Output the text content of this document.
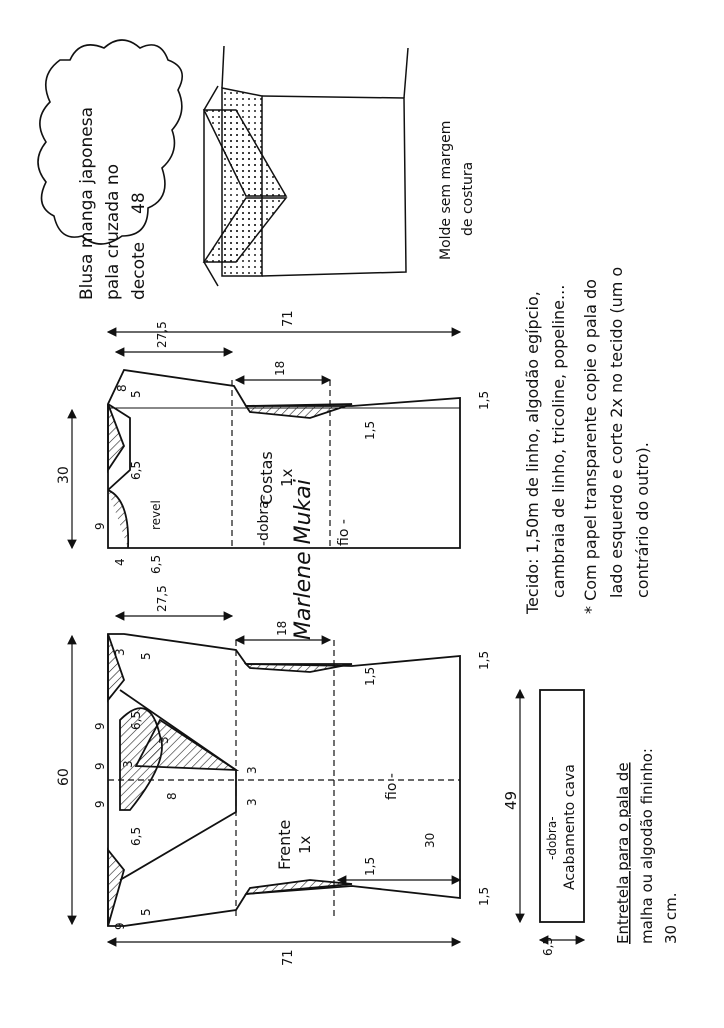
Blusa manga japonesa pala cruzada no decote
48	Molde sem margem de costura
Costas 1x
-dobra-	fio -
revel
71
30
27,5
18
5
8
9
6,5
6,5
4
1,5
1,5
Marlene Mukai
Frente 1x
fio -
71
60
27,5
18
3
5
5
9
9
9
9
6,5
6,5
3
3
3
3
8
30
1,5
1,5
1,5
1,5
Tecido: 1,50m de linho, algodão egípcio, cambraia de linho, tricoline, popeline... * Com papel transparente copie o pala do lado esquerdo e corte 2x no tecido (um o contrário do outro).
49
6,5
-dobra- Acabamento cava Entretela para o pala de malha ou algodão fininho: 30 cm.
